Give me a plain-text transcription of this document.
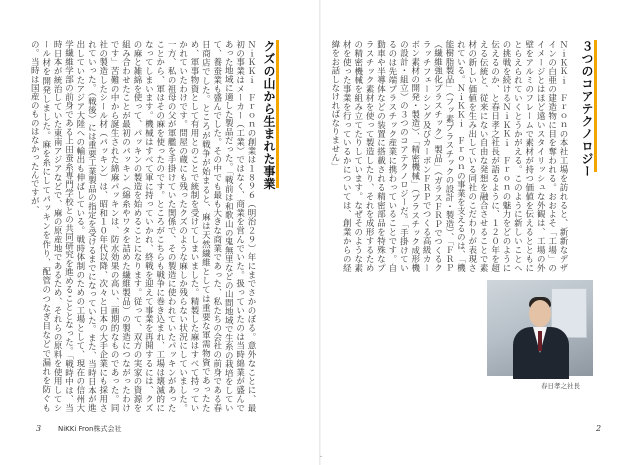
３つのコアテクノロジー
ＮｉＫＫｉ　Ｆｒｏｎの本社工場を訪れると、新新なデザインの白亜の建造物に目を奪われる。おおよそ「工場」のイメージとはほど遠いスタイリッシュな外観は、工場の外壁をアルミのフレームで素材が持つ価値を伝えるとともにとらえられていくとうかがえる。このように新しいことへの挑戦を続けるＮｉＫＫｉ　Ｆｒｏｎの魅力をどのように伝えるのか、と春日孝之社長が語るように、１２０年を超える伝統と、従来にない自由な発想を融合させることで素材の新しい価値を生み出している同社のこだわりが表現されている。ＮｉＫＫｉ　Ｆｒｏｎの事業を支えるのは、「機能樹脂製品」（フッ素プラスチックの設計・製造）、「ＦＲＰ（繊維強化プラスチック）製品」（ガラスＦＲＰでつくるクラッチフェーシング及びカーボンＦＲＰでつくる高級カーボン素材の開発・製造）、「精密機械」（プラスチック成形機の設計・組立）の３つのコアテクノロジーだ。「手掛けているのは先端プラスチック産業に携わっていることです。自動車や半導体などの装置に搭載される精密部品を特殊なプラスチック素材を使って製造したり、それを成形するための精密機械を組み立てたりしています。なぜそのような素材を使った事業を行っているかについては、創業からの経緯をお話しなければなりません」
春日孝之社長
クズの山から生まれた事業
ＮｉＫＫｉ　Ｆｒｏｎの創業は１８９６（明治２９）年にまでさかのぼる。意外なことに、最初の事業はメーカー（工業）ではなく、商業を営んでいた。扱っていたのは当時綿業が盛んであった地域に適した製品だった。「戦前は和歌山の鬼無里などの山間地域で生糸の栽培をしていて、養蚕業も盛んでした。その中でも最も大きな商業であった、私たちの会社の前身である春日商店でした。ところが戦争が始まると、麻は天然繊維としては重要な軍需物資であったため、軍事物資として有用とのことで統制を受けてしまいました。精製した麻はすべて持っていかれていたわけです。問屋の蔵にも残ったクズのような麻しか残らない状況にしていました。一方、私の祖母の父が軍艦を手掛けていた関係で、その製造に使われていたパッキンがあったことから、軍はその麻を使ったのです。ところがこちらも戦争に巻き込まれ、工場は壊滅的になってしまいます。機械はすべて軍に持っていかれ、終戦を迎えて事業を再開するには、クズの麻と雑綿を使って、パッキンの製造を始めることになります。従って、双方の実家の資源を組み合わせたことが最初のパッキン（綿糸やワタを詰めた繊維製品）の製造につながったわけです」苦難の中から誕生された綿麻パッキンは、防水効果の高い、画期的なものであった。同社の製造したシール材（パッキン）は、昭和１０年代以降、次々と日本の大手企業にも採用されていった。（戦後）には重要工業製品の指定を受けるまでになっていた。また、当時日本が進出していたアジア大陸への輸出も伸ばしている。戦時体制のための工場として、現在の信州大学繊維学部の前身である上田蚕糸専門学校との共同研究を進めることとなった。「戦時中は、当時日本が統治していた東南アジアなどで、麻の原産地であるため、それらの原料を使用してシール材を開発しました。麻を糸にしてパッキンを作り、配管のつなぎ目などで漏れを防ぐもの。当時は国産のものはなかったんですが、
3 NiKKi Fron株式会社	2
・
